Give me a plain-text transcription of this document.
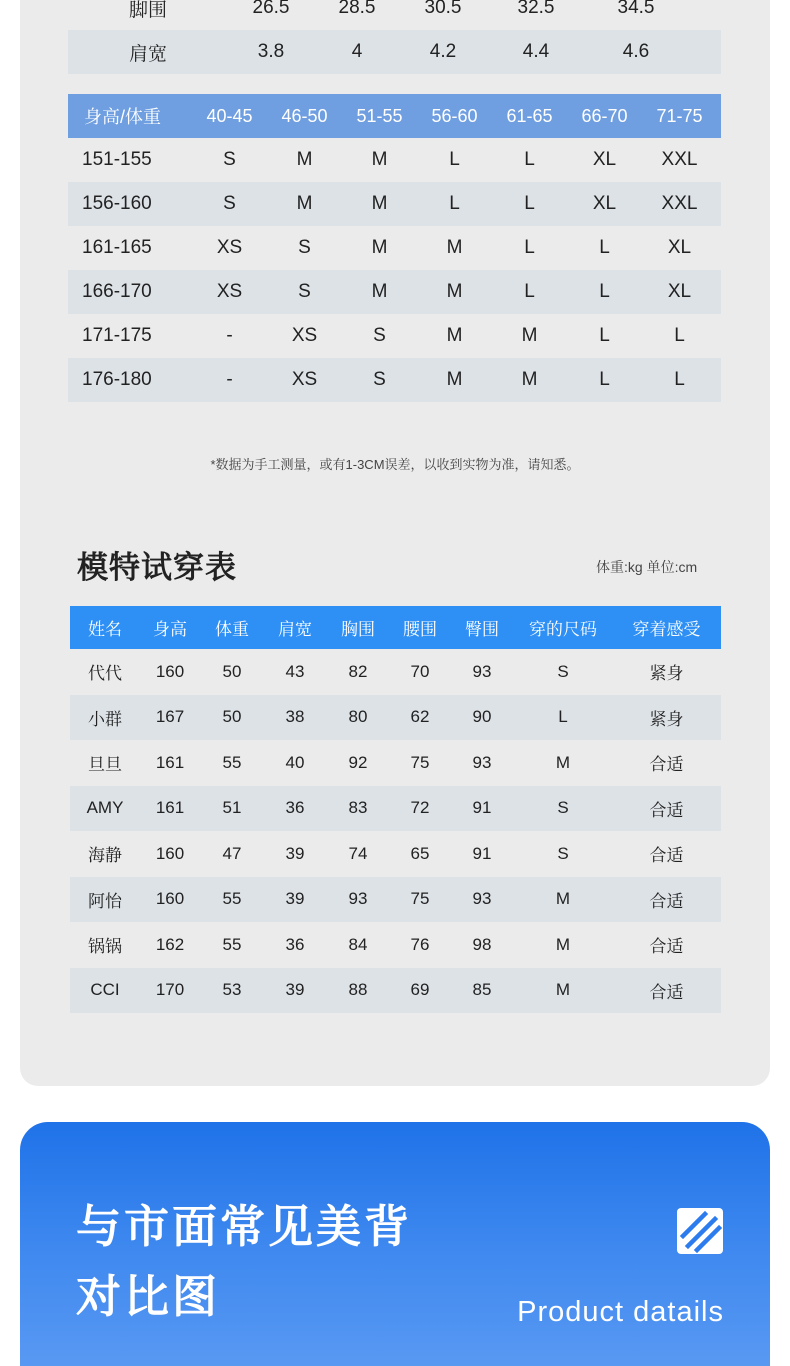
脚围	26.5	28.5	30.5	32.5	34.5
肩宽	3.8	4	4.2	4.4	4.6
身高/体重	40-45	46-50	51-55	56-60	61-65	66-70	71-75
151-155	S	M	M	L	L	XL	XXL
156-160	S	M	M	L	L	XL	XXL
161-165	XS	S	M	M	L	L	XL
166-170	XS	S	M	M	L	L	XL
171-175	-	XS	S	M	M	L	L
176-180	-	XS	S	M	M	L	L
*数据为手工测量，或有1-3CM误差，以收到实物为准，请知悉。
模特试穿表	体重:kg 单位:cm
姓名	身高	体重	肩宽	胸围	腰围	臀围	穿的尺码	穿着感受
代代	160	50	43	82	70	93	S	紧身
小群	167	50	38	80	62	90	L	紧身
旦旦	161	55	40	92	75	93	M	合适
AMY	161	51	36	83	72	91	S	合适
海静	160	47	39	74	65	91	S	合适
阿怡	160	55	39	93	75	93	M	合适
锅锅	162	55	36	84	76	98	M	合适
CCI	170	53	39	88	69	85	M	合适
与市面常见美背对比图	Product datails
